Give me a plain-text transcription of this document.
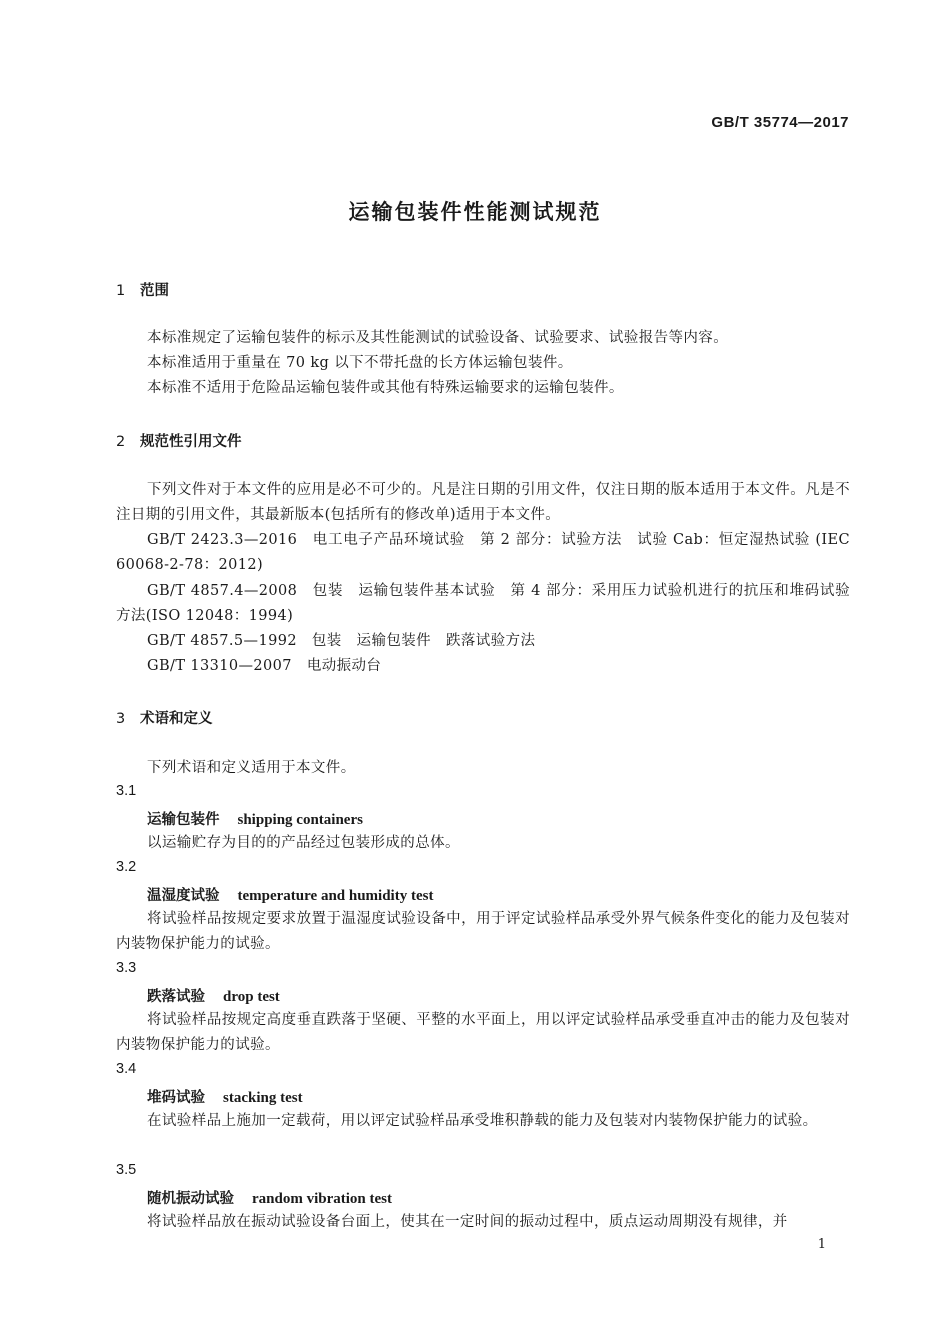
GB/T 35774—2017
运输包装件性能测试规范
1 范围
本标准规定了运输包装件的标示及其性能测试的试验设备、试验要求、试验报告等内容。
本标准适用于重量在 70 kg 以下不带托盘的长方体运输包装件。
本标准不适用于危险品运输包装件或其他有特殊运输要求的运输包装件。
2 规范性引用文件
下列文件对于本文件的应用是必不可少的。凡是注日期的引用文件，仅注日期的版本适用于本文件。凡是不注日期的引用文件，其最新版本(包括所有的修改单)适用于本文件。
GB/T 2423.3—2016　电工电子产品环境试验　第 2 部分：试验方法　试验 Cab：恒定湿热试验 (IEC 60068-2-78：2012)
GB/T 4857.4—2008　包装　运输包装件基本试验　第 4 部分：采用压力试验机进行的抗压和堆码试验方法(ISO 12048：1994)
GB/T 4857.5—1992　包装　运输包装件　跌落试验方法
GB/T 13310—2007　电动振动台
3 术语和定义
下列术语和定义适用于本文件。
3.1
运输包装件 shipping containers
以运输贮存为目的的产品经过包装形成的总体。
3.2
温湿度试验 temperature and humidity test
将试验样品按规定要求放置于温湿度试验设备中，用于评定试验样品承受外界气候条件变化的能力及包装对内装物保护能力的试验。
3.3
跌落试验 drop test
将试验样品按规定高度垂直跌落于坚硬、平整的水平面上，用以评定试验样品承受垂直冲击的能力及包装对内装物保护能力的试验。
3.4
堆码试验 stacking test
在试验样品上施加一定载荷，用以评定试验样品承受堆积静载的能力及包装对内装物保护能力的试验。
3.5
随机振动试验 random vibration test
将试验样品放在振动试验设备台面上，使其在一定时间的振动过程中，质点运动周期没有规律，并
1
